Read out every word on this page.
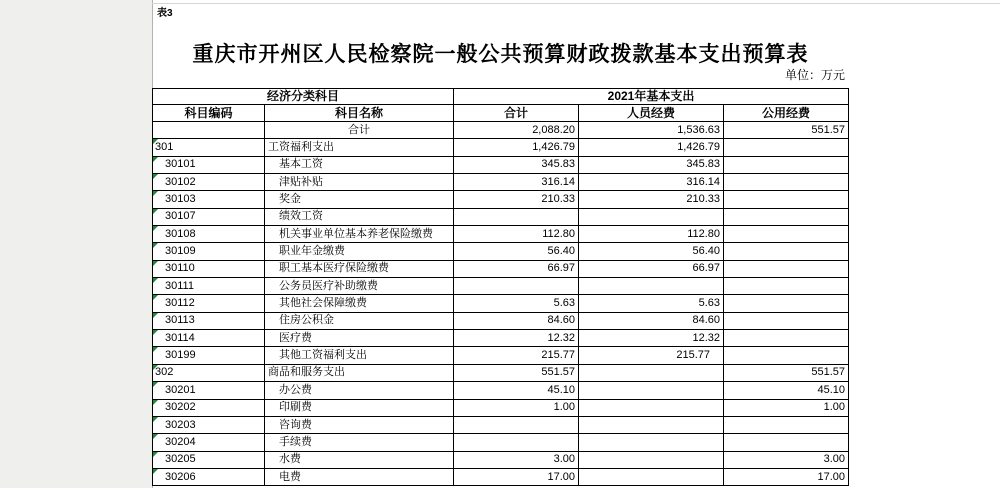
表3
重庆市开州区人民检察院一般公共预算财政拨款基本支出预算表
单位：万元
经济分类科目		2021年基本支出		
科目编码	科目名称	合计	人员经费	公用经费
	合计	2,088.20	1,536.63	551.57

301	工资福利支出	1,426.79	1,426.79	

30101	基本工资	345.83	345.83	

30102	津贴补贴	316.14	316.14	

30103	奖金	210.33	210.33	

30107	绩效工资			

30108	机关事业单位基本养老保险缴费	112.80	112.80	

30109	职业年金缴费	56.40	56.40	

30110	职工基本医疗保险缴费	66.97	66.97	

30111	公务员医疗补助缴费			

30112	其他社会保障缴费	5.63	5.63	

30113	住房公积金	84.60	84.60	

30114	医疗费	12.32	12.32	

30199	其他工资福利支出	215.77	215.77	

302	商品和服务支出	551.57		551.57

30201	办公费	45.10		45.10

30202	印刷费	1.00		1.00

30203	咨询费			

30204	手续费			

30205	水费	3.00		3.00

30206	电费	17.00		17.00
